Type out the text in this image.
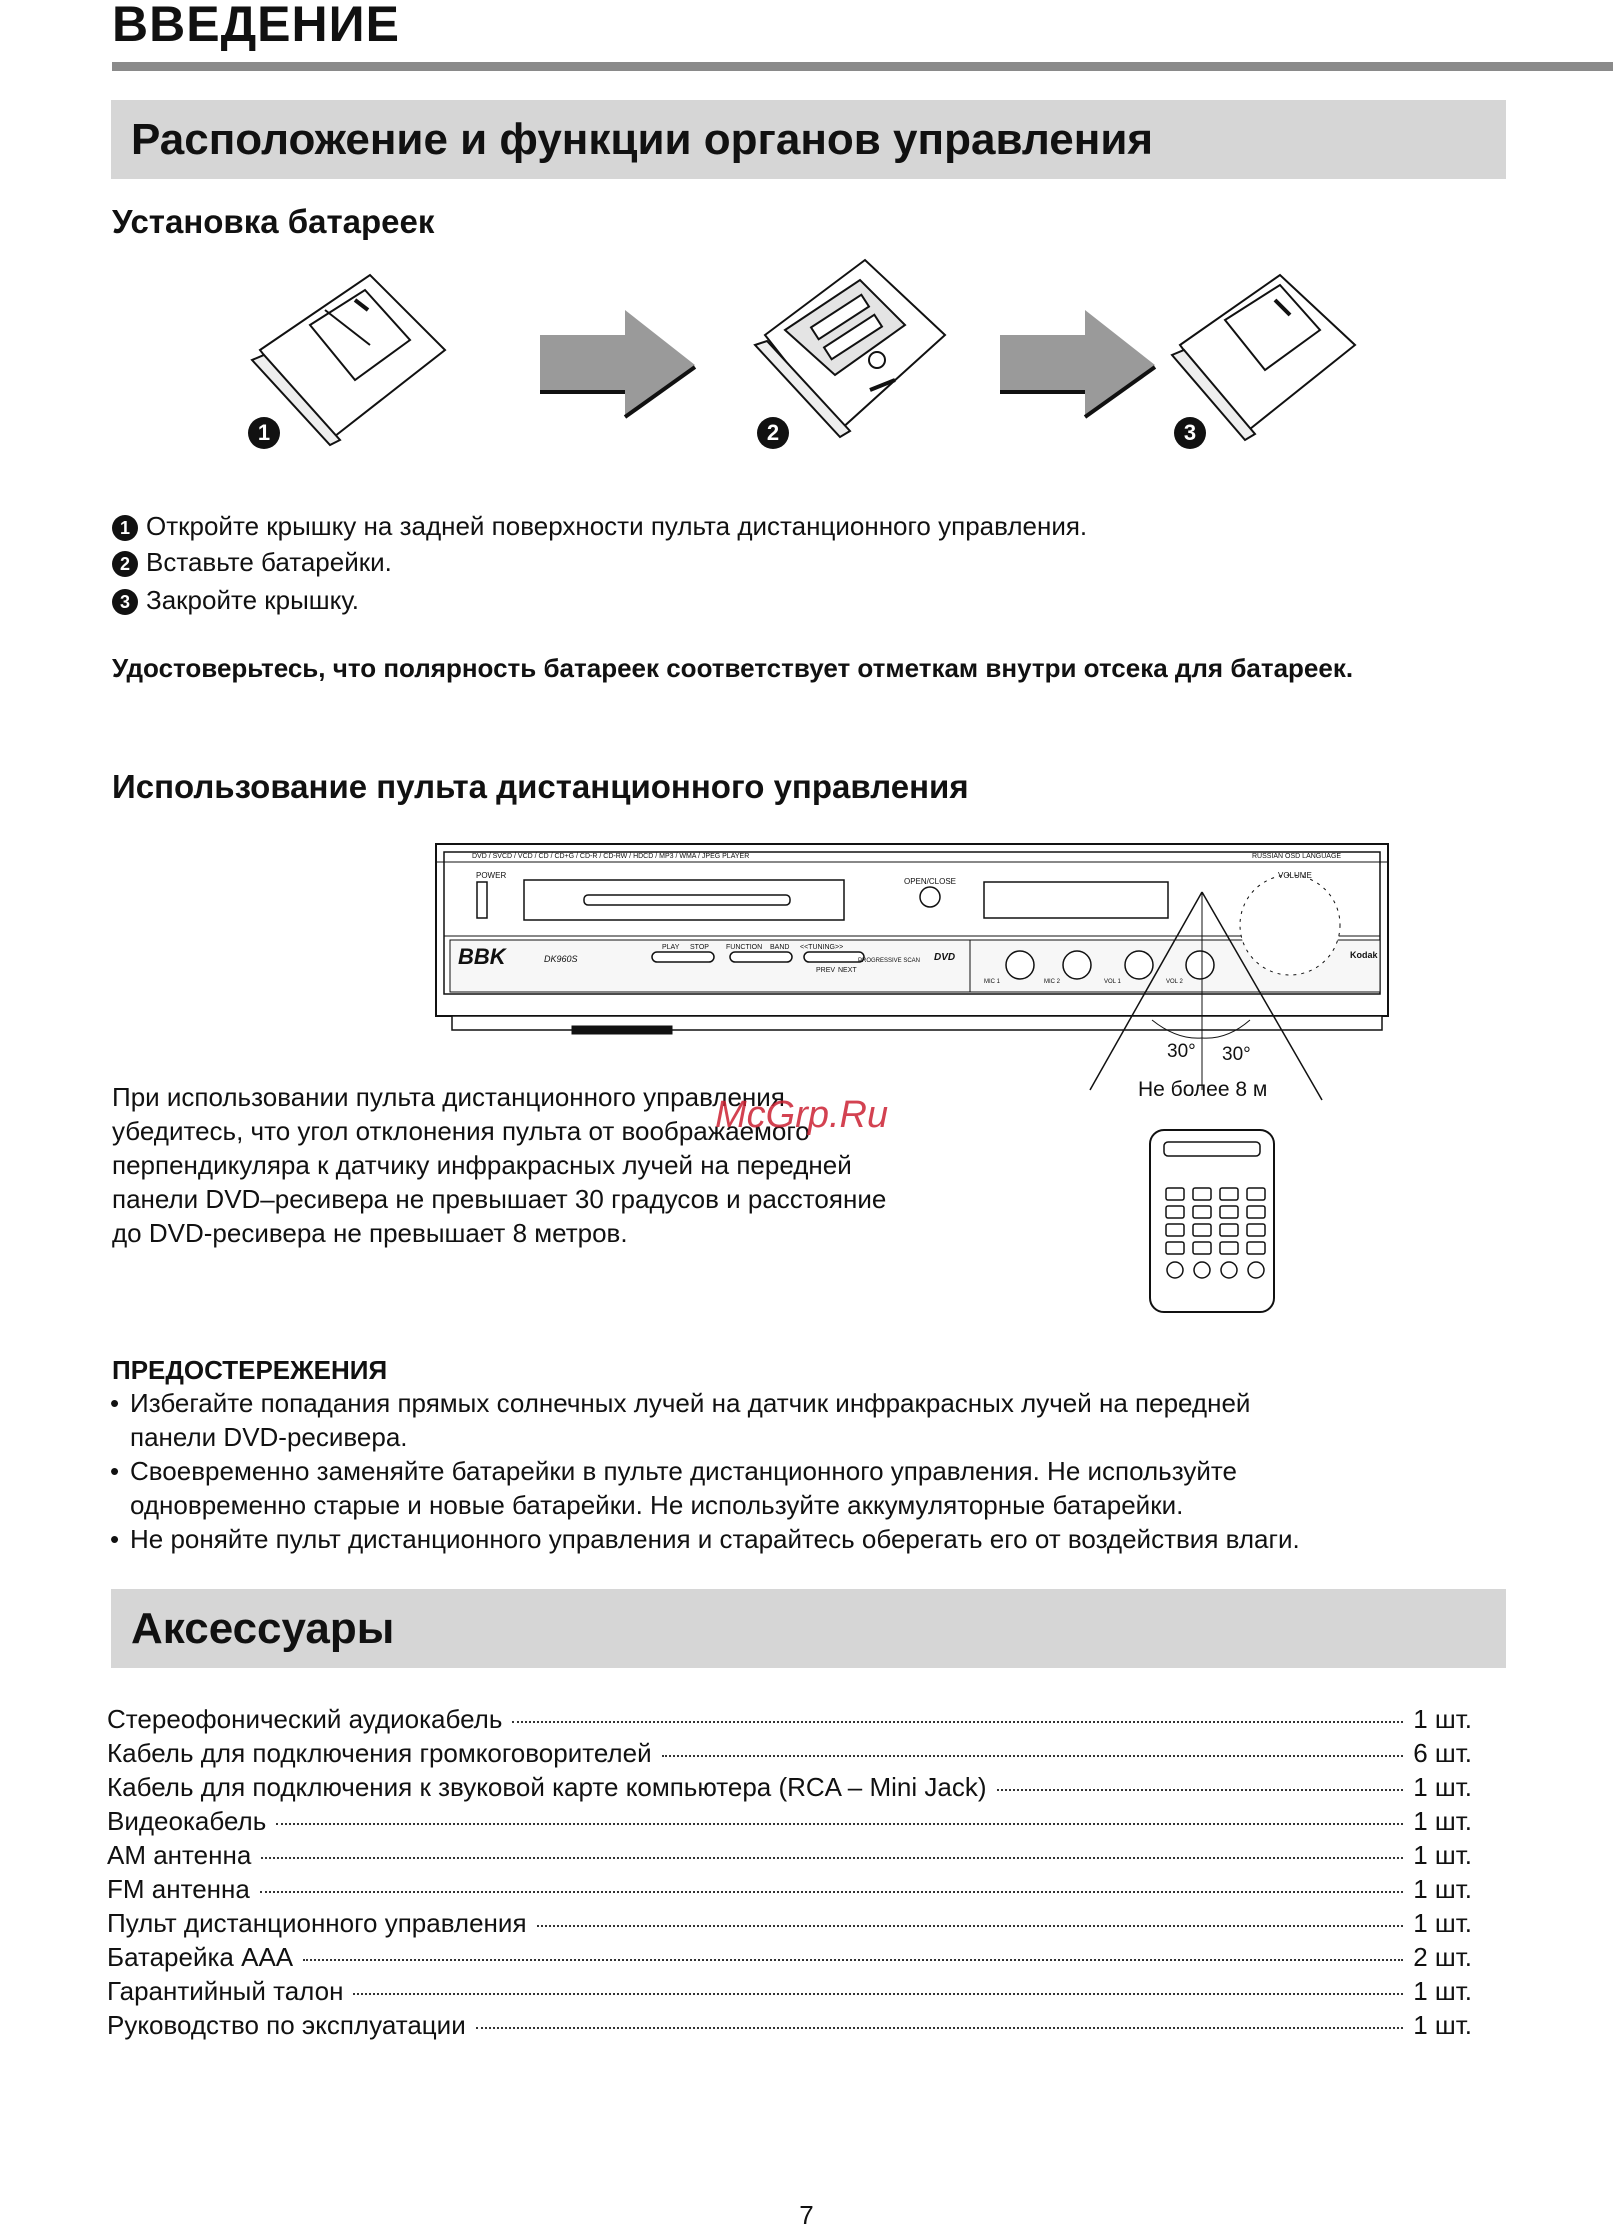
ВВЕДЕНИЕ
Расположение и функции органов управления
Установка батареек
1	2	3
1 Откройте крышку на задней поверхности пульта дистанционного управления.
2 Вставьте батарейки.
3 Закройте крышку.
Удостоверьтесь, что полярность батареек соответствует отметкам внутри отсека для батареек.
Использование пульта дистанционного управления
DVD / SVCD / VCD / CD / CD+G / CD-R / CD-RW / HDCD / MP3 / WMA / JPEG PLAYER	RUSSIAN OSD LANGUAGE
POWER
OPEN/CLOSE
VOLUME
BBK	DK960S
PLAY STOP FUNCTION BAND <<TUNING>>
PREV NEXT
PROGRESSIVE SCAN DVD
MIC 1	MIC 2	VOL 1	VOL 2
Kodak
30° 30°
Не более 8 м
При использовании пульта дистанционного управления
убедитесь, что угол отклонения пульта от воображаемого
перпендикуляра к датчику инфракрасных лучей на передней
панели DVD–ресивера не превышает 30 градусов и расстояние
до DVD-ресивера не превышает 8 метров.
McGrp.Ru
ПРЕДОСТЕРЕЖЕНИЯ
• Избегайте попадания прямых солнечных лучей на датчик инфракрасных лучей на передней
панели DVD-ресивера.
• Своевременно заменяйте батарейки в пульте дистанционного управления. Не используйте
одновременно старые и новые батарейки. Не используйте аккумуляторные батарейки.
• Не роняйте пульт дистанционного управления и старайтесь оберегать его от воздействия влаги.
Аксессуары
Стереофонический аудиокабель	1 шт.
Кабель для подключения громкоговорителей	6 шт.
Кабель для подключения к звуковой карте компьютера (RCA – Mini Jack)	1 шт.
Видеокабель	1 шт.
AM антенна	1 шт.
FM антенна	1 шт.
Пульт дистанционного управления	1 шт.
Батарейка ААА	2 шт.
Гарантийный талон	1 шт.
Руководство по эксплуатации	1 шт.
7
